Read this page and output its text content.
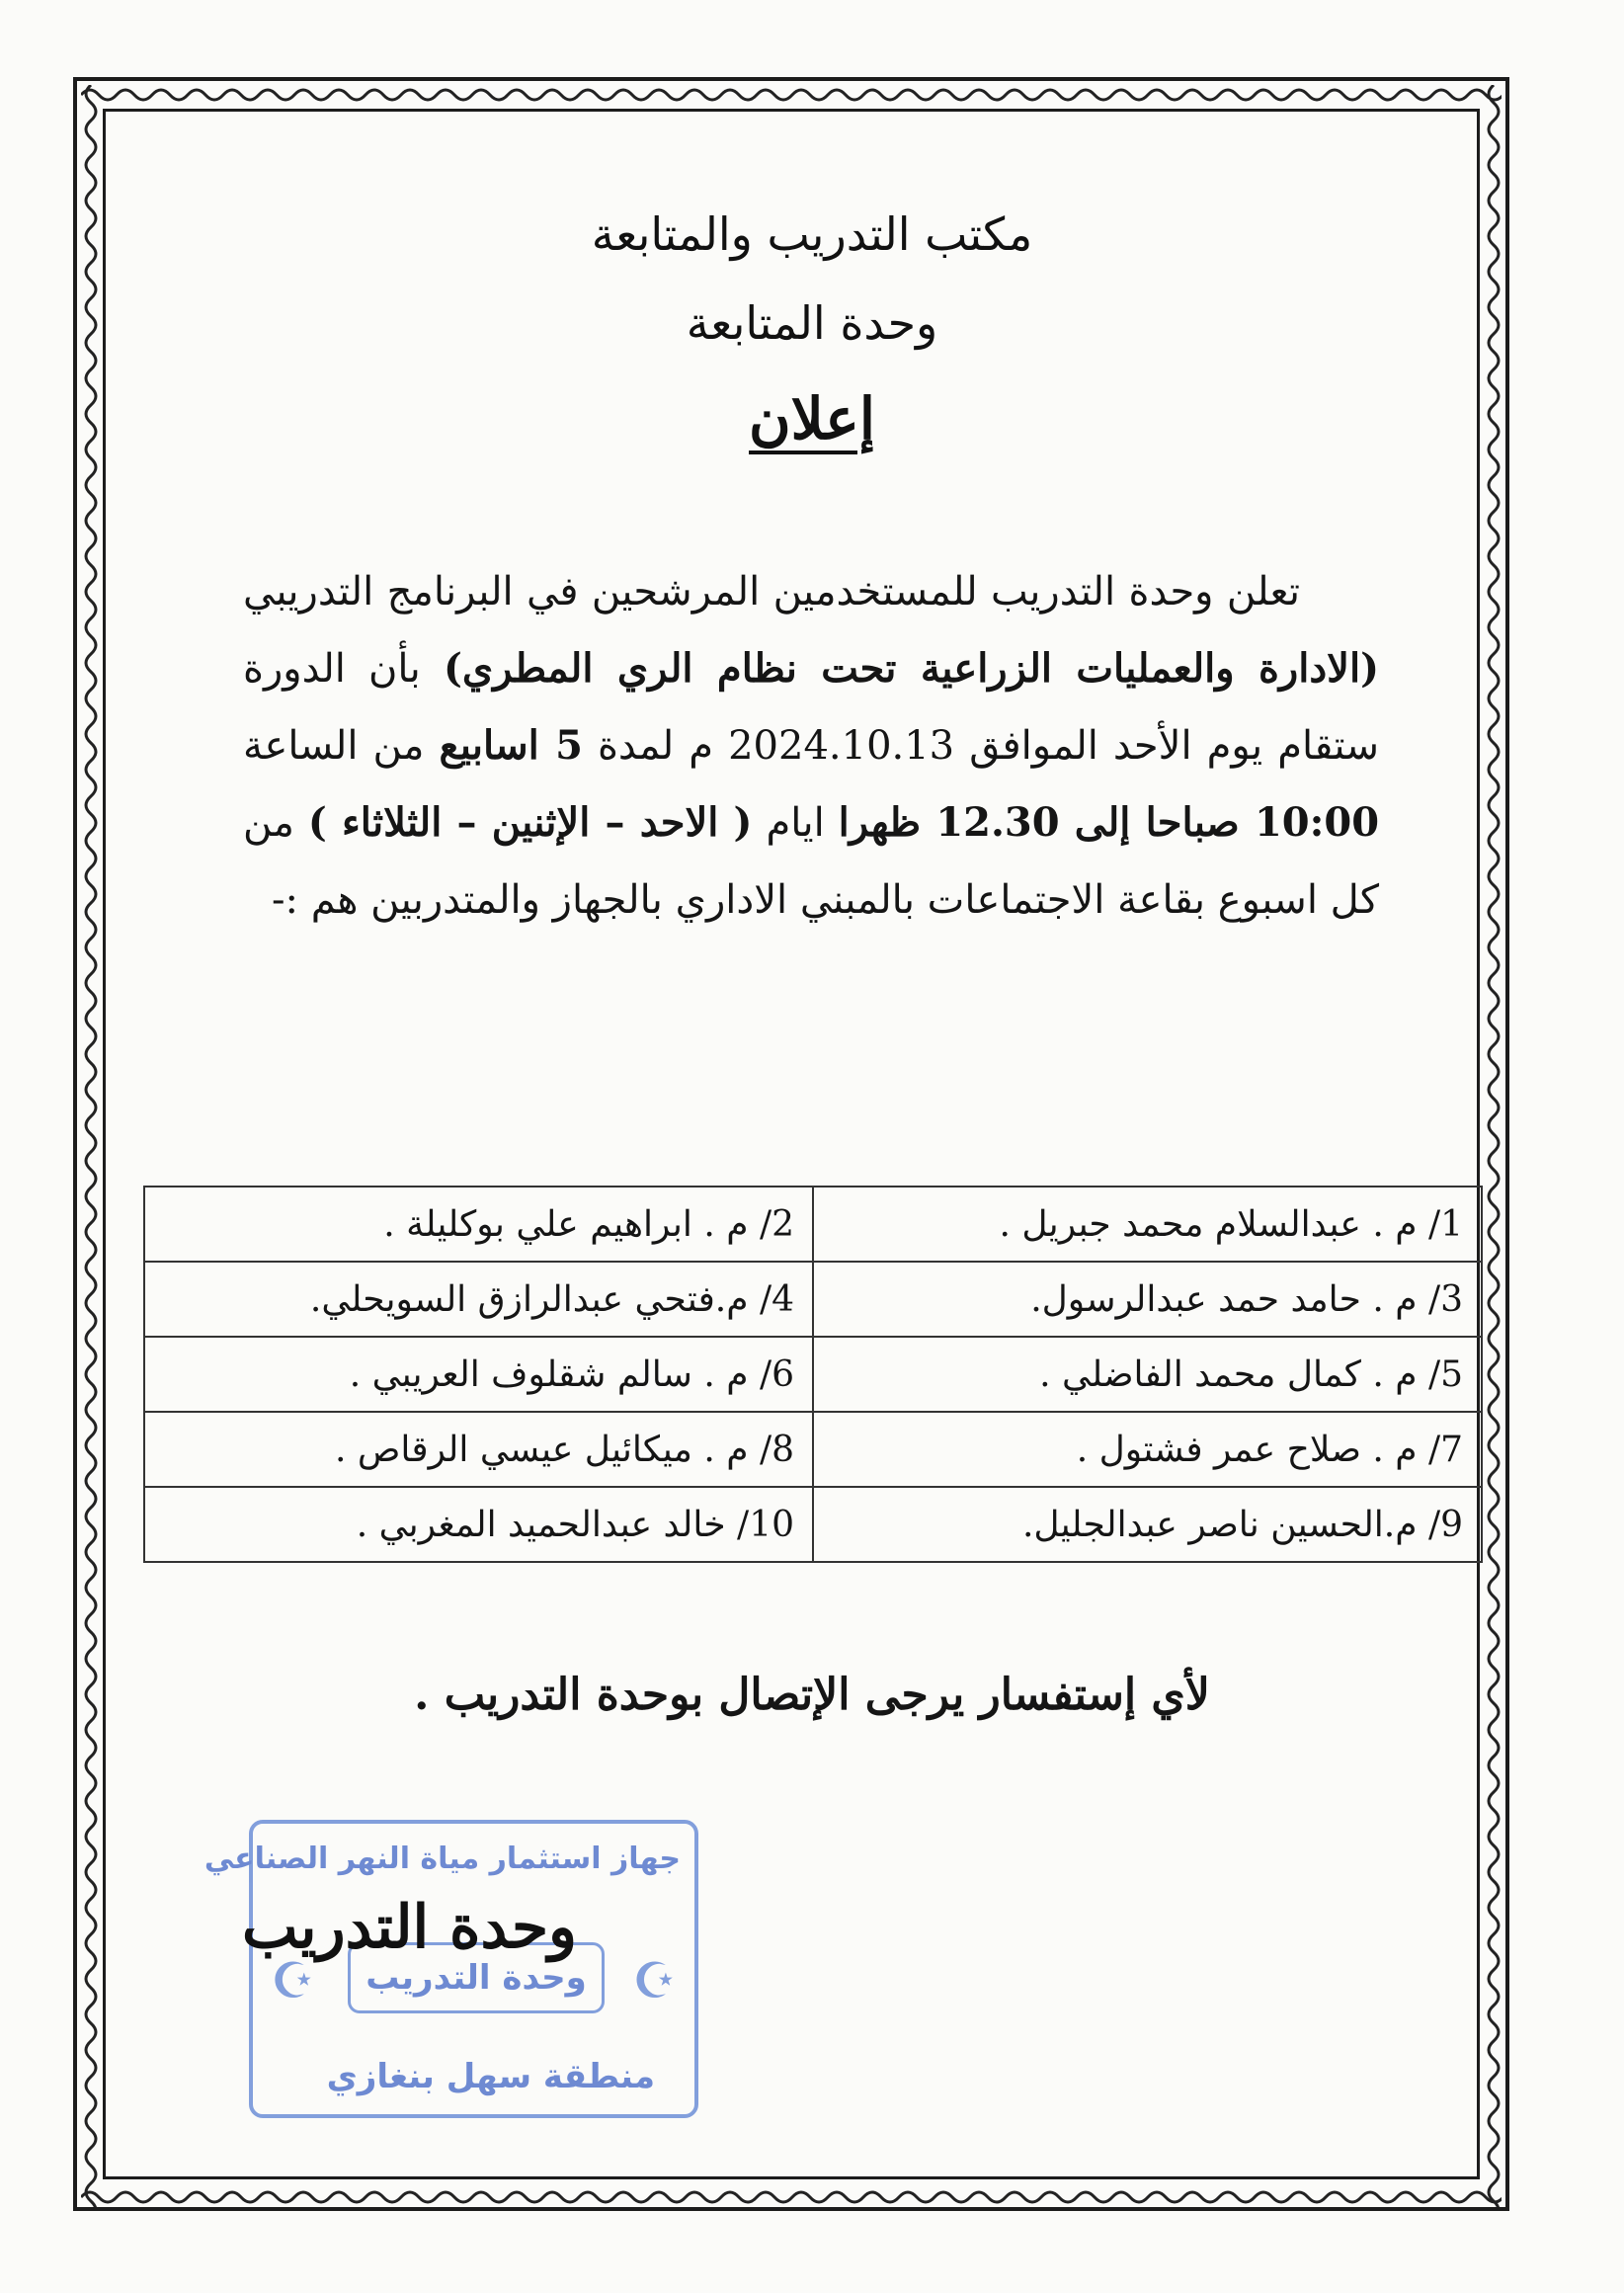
مكتب التدريب والمتابعة
وحدة المتابعة
إعلان
تعلن وحدة التدريب للمستخدمين المرشحين في البرنامج التدريبي (الادارة والعمليات الزراعية تحت نظام الري المطري) بأن الدورة ستقام يوم الأحد الموافق 2024.10.13 م لمدة 5 اسابيع من الساعة 10:00 صباحا إلى 12.30 ظهرا ايام ( الاحد – الإثنين – الثلاثاء ) من كل اسبوع بقاعة الاجتماعات بالمبني الاداري بالجهاز والمتدربين هم :-
1/ م . عبدالسلام محمد جبريل .	2/ م . ابراهيم علي بوكليلة .
3/ م . حامد حمد عبدالرسول.	4/ م.فتحي عبدالرازق السويحلي.
5/ م . كمال محمد الفاضلي .	6/ م . سالم شقلوف العريبي .
7/ م . صلاح عمر فشتول .	8/ م . ميكائيل عيسي الرقاص .
9/ م.الحسين ناصر عبدالجليل.	10/ خالد عبدالحميد المغربي .
لأي إستفسار يرجى الإتصال بوحدة التدريب .
جهاز استثمار مياة النهر الصناعي
☪	وحدة التدريب ☪
منطقة سهل بنغازي
وحدة التدريب
